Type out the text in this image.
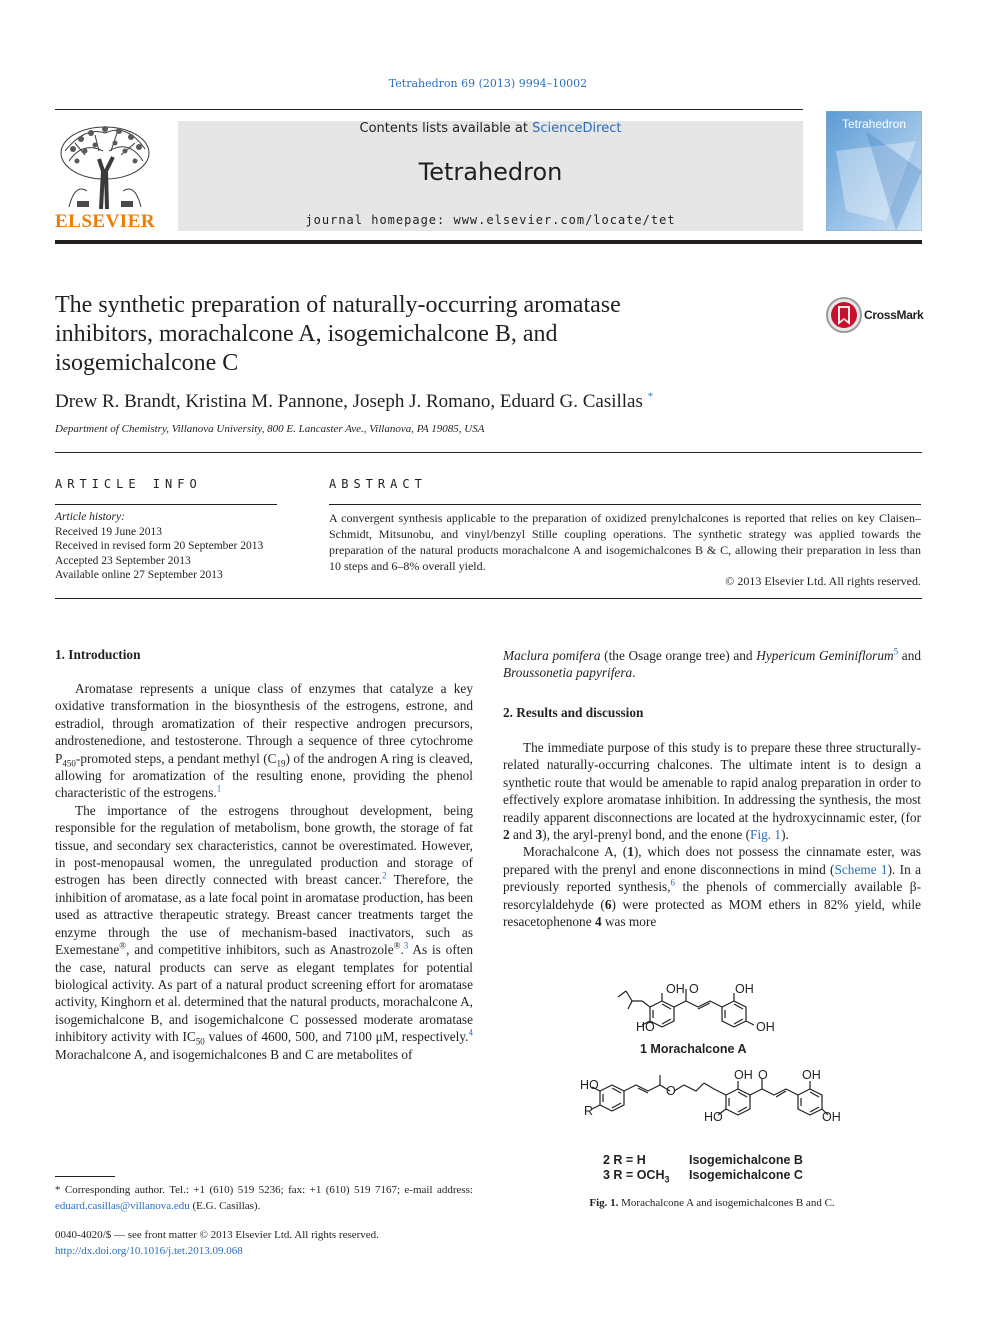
Tetrahedron 69 (2013) 9994–10002
ELSEVIER
Contents lists available at ScienceDirect
Tetrahedron
journal homepage: www.elsevier.com/locate/tet
Tetrahedron
The synthetic preparation of naturally-occurring aromatase
inhibitors, morachalcone A, isogemichalcone B, and
isogemichalcone C
CrossMark
Drew R. Brandt, Kristina M. Pannone, Joseph J. Romano, Eduard G. Casillas *
Department of Chemistry, Villanova University, 800 E. Lancaster Ave., Villanova, PA 19085, USA
ARTICLE INFO
Article history:
Received 19 June 2013
Received in revised form 20 September 2013
Accepted 23 September 2013
Available online 27 September 2013
ABSTRACT
A convergent synthesis applicable to the preparation of oxidized prenylchalcones is reported that relies on key Claisen–Schmidt, Mitsunobu, and vinyl/benzyl Stille coupling operations. The synthetic strategy was applied towards the preparation of the natural products morachalcone A and isogemichalcones B & C, allowing their preparation in less than 10 steps and 6–8% overall yield.
© 2013 Elsevier Ltd. All rights reserved.
1. Introduction

Aromatase represents a unique class of enzymes that catalyze a key oxidative transformation in the biosynthesis of the estrogens, estrone, and estradiol, through aromatization of their respective androgen precursors, androstenedione, and testosterone. Through a sequence of three cytochrome $P_{450}$-promoted steps, a pendant methyl $(C_{19})$ of the androgen A ring is cleaved, allowing for aromatization of the resulting enone, providing the phenol characteristic of the estrogens.$^1$

The importance of the estrogens throughout development, being responsible for the regulation of metabolism, bone growth, the storage of fat tissue, and secondary sex characteristics, cannot be overestimated. However, in post-menopausal women, the unregulated production and storage of estrogen has been directly connected with breast cancer.$^2$ Therefore, the inhibition of aromatase, as a late focal point in aromatase production, has been used as attractive therapeutic strategy. Breast cancer treatments target the enzyme through the use of mechanism-based inactivators, such as Exemestane®, and competitive inhibitors, such as Anastrozole®.$^3$ As is often the case, natural products can serve as elegant templates for potential biological activity. As part of a natural product screening effort for aromatase activity, Kinghorn et al. determined that the natural products, morachalcone A, isogemichalcone B, and isogemichalcone C possessed moderate aromatase inhibitory activity with $IC_{50}$ values of 4600, 500, and 7100 μM, respectively.$^4$ Morachalcone A, and isogemichalcones B and C are metabolites of

* Corresponding author. Tel.: +1 (610) 519 5236; fax: +1 (610) 519 7167; e-mail address: eduard.casillas@villanova.edu (E.G. Casillas).
0040-4020/$ — see front matter © 2013 Elsevier Ltd. All rights reserved.
http://dx.doi.org/10.1016/j.tet.2013.09.068

Maclura pomifera (the Osage orange tree) and Hypericum Geminiflorum$^5$ and Broussonetia papyrifera.

2. Results and discussion

The immediate purpose of this study is to prepare these three structurally-related naturally-occurring chalcones. The ultimate intent is to design a synthetic route that would be amenable to rapid analog preparation in order to effectively explore aromatase inhibition. In addressing the synthesis, the most readily apparent disconnections are located at the hydroxycinnamic ester, (for 2 and 3), the aryl-prenyl bond, and the enone (Fig. 1).

Morachalcone A, (1), which does not possess the cinnamate ester, was prepared with the prenyl and enone disconnections in mind (Scheme 1). In a previously reported synthesis,$^6$ the phenols of commercially available β-resorcylaldehyde (6) were protected as MOM ethers in 82% yield, while resacetophenone 4 was more

OH O	OH
HO	OH
HO
R
O
OH O	OH
HO	OH
1 Morachalcone A
2 R = H	Isogemichalcone B
3 $R = OCH_3$ Isogemichalcone C
Fig. 1. Morachalcone A and isogemichalcones B and C.
